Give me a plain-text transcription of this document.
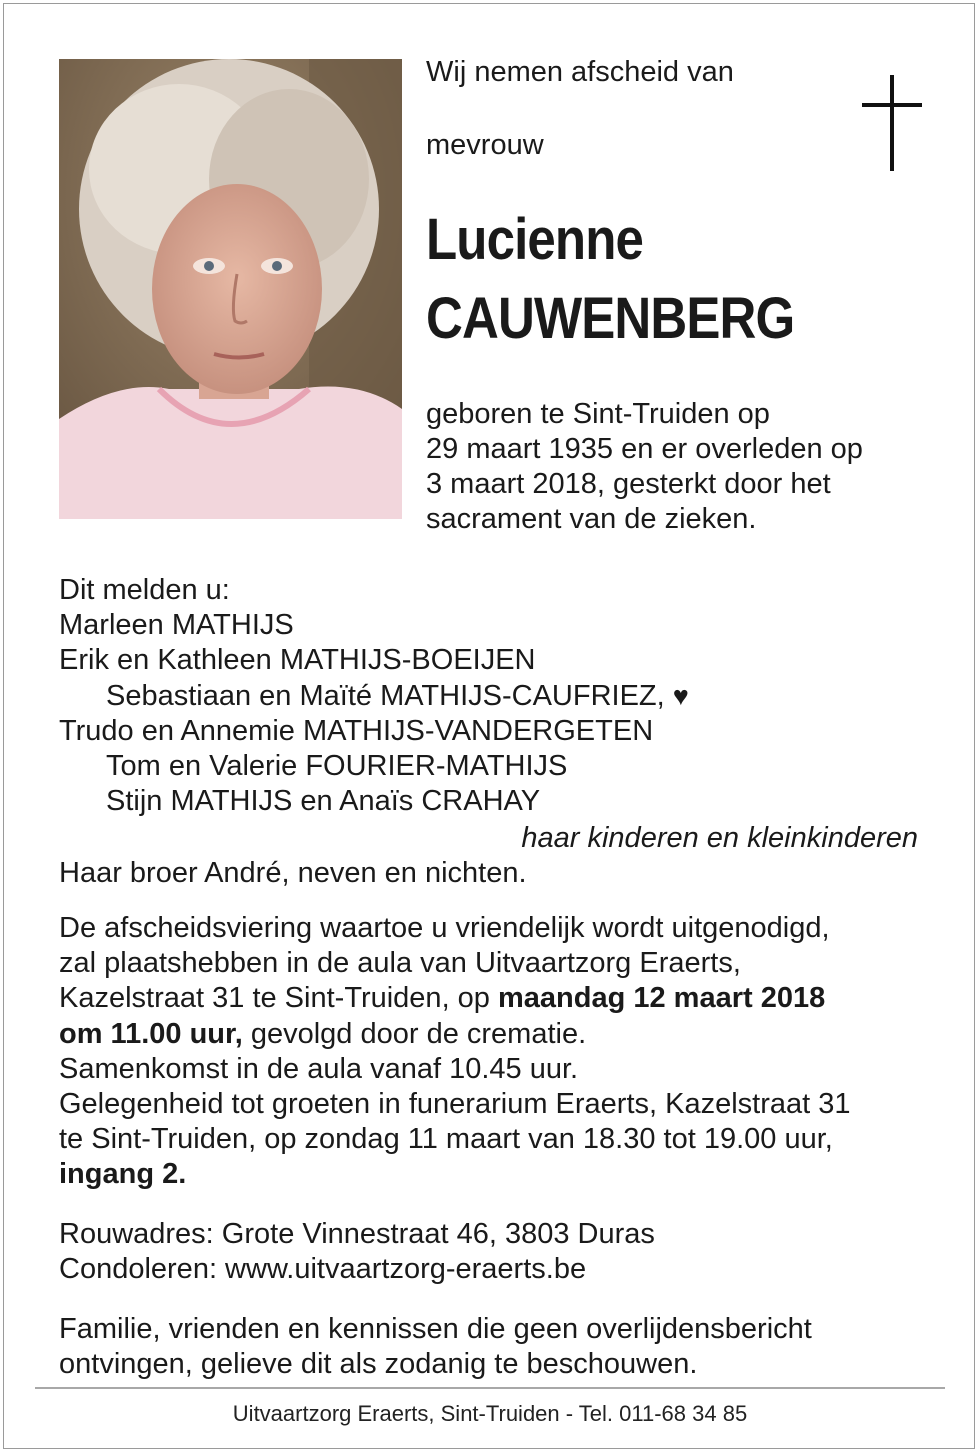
Wij nemen afscheid van
mevrouw
Lucienne
CAUWENBERG
geboren te Sint-Truiden op
29 maart 1935 en er overleden op
3 maart 2018, gesterkt door het
sacrament van de zieken.
Dit melden u:
Marleen MATHIJS
Erik en Kathleen MATHIJS-BOEIJEN
Sebastiaan en Maïté MATHIJS-CAUFRIEZ, ♥
Trudo en Annemie MATHIJS-VANDERGETEN
Tom en Valerie FOURIER-MATHIJS
Stijn MATHIJS en Anaïs CRAHAY
haar kinderen en kleinkinderen
Haar broer André, neven en nichten.
De afscheidsviering waartoe u vriendelijk wordt uitgenodigd,
zal plaatshebben in de aula van Uitvaartzorg Eraerts,
Kazelstraat 31 te Sint-Truiden, op maandag 12 maart 2018
om 11.00 uur, gevolgd door de crematie.
Samenkomst in de aula vanaf 10.45 uur.
Gelegenheid tot groeten in funerarium Eraerts, Kazelstraat 31
te Sint-Truiden, op zondag 11 maart van 18.30 tot 19.00 uur,
ingang 2.
Rouwadres: Grote Vinnestraat 46, 3803 Duras
Condoleren: www.uitvaartzorg-eraerts.be
Familie, vrienden en kennissen die geen overlijdensbericht
ontvingen, gelieve dit als zodanig te beschouwen.
Uitvaartzorg Eraerts, Sint-Truiden - Tel. 011-68 34 85
